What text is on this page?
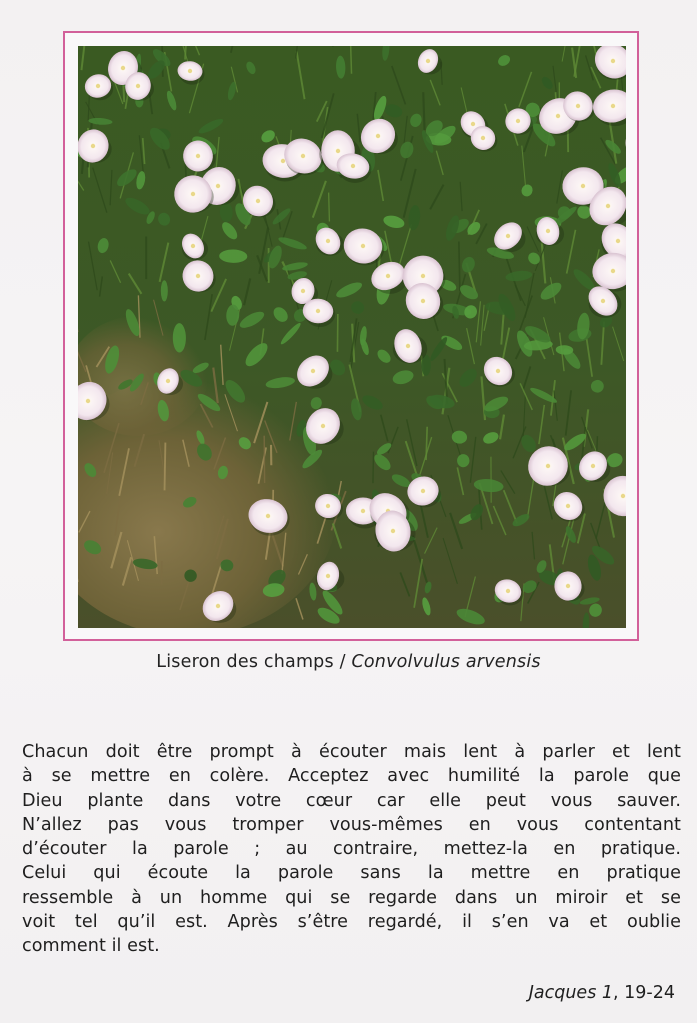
Liseron des champs / Convolvulus arvensis
Chacun doit être prompt à écouter mais lent à parler et lent
à se mettre en colère. Acceptez avec humilité la parole que
Dieu plante dans votre cœur car elle peut vous sauver.
N’allez pas vous tromper vous-mêmes en vous contentant
d’écouter la parole ; au contraire, mettez-la en pratique.
Celui qui écoute la parole sans la mettre en pratique
ressemble à un homme qui se regarde dans un miroir et se
voit tel qu’il est. Après s’être regardé, il s’en va et oublie
comment il est.
Jacques 1, 19-24
